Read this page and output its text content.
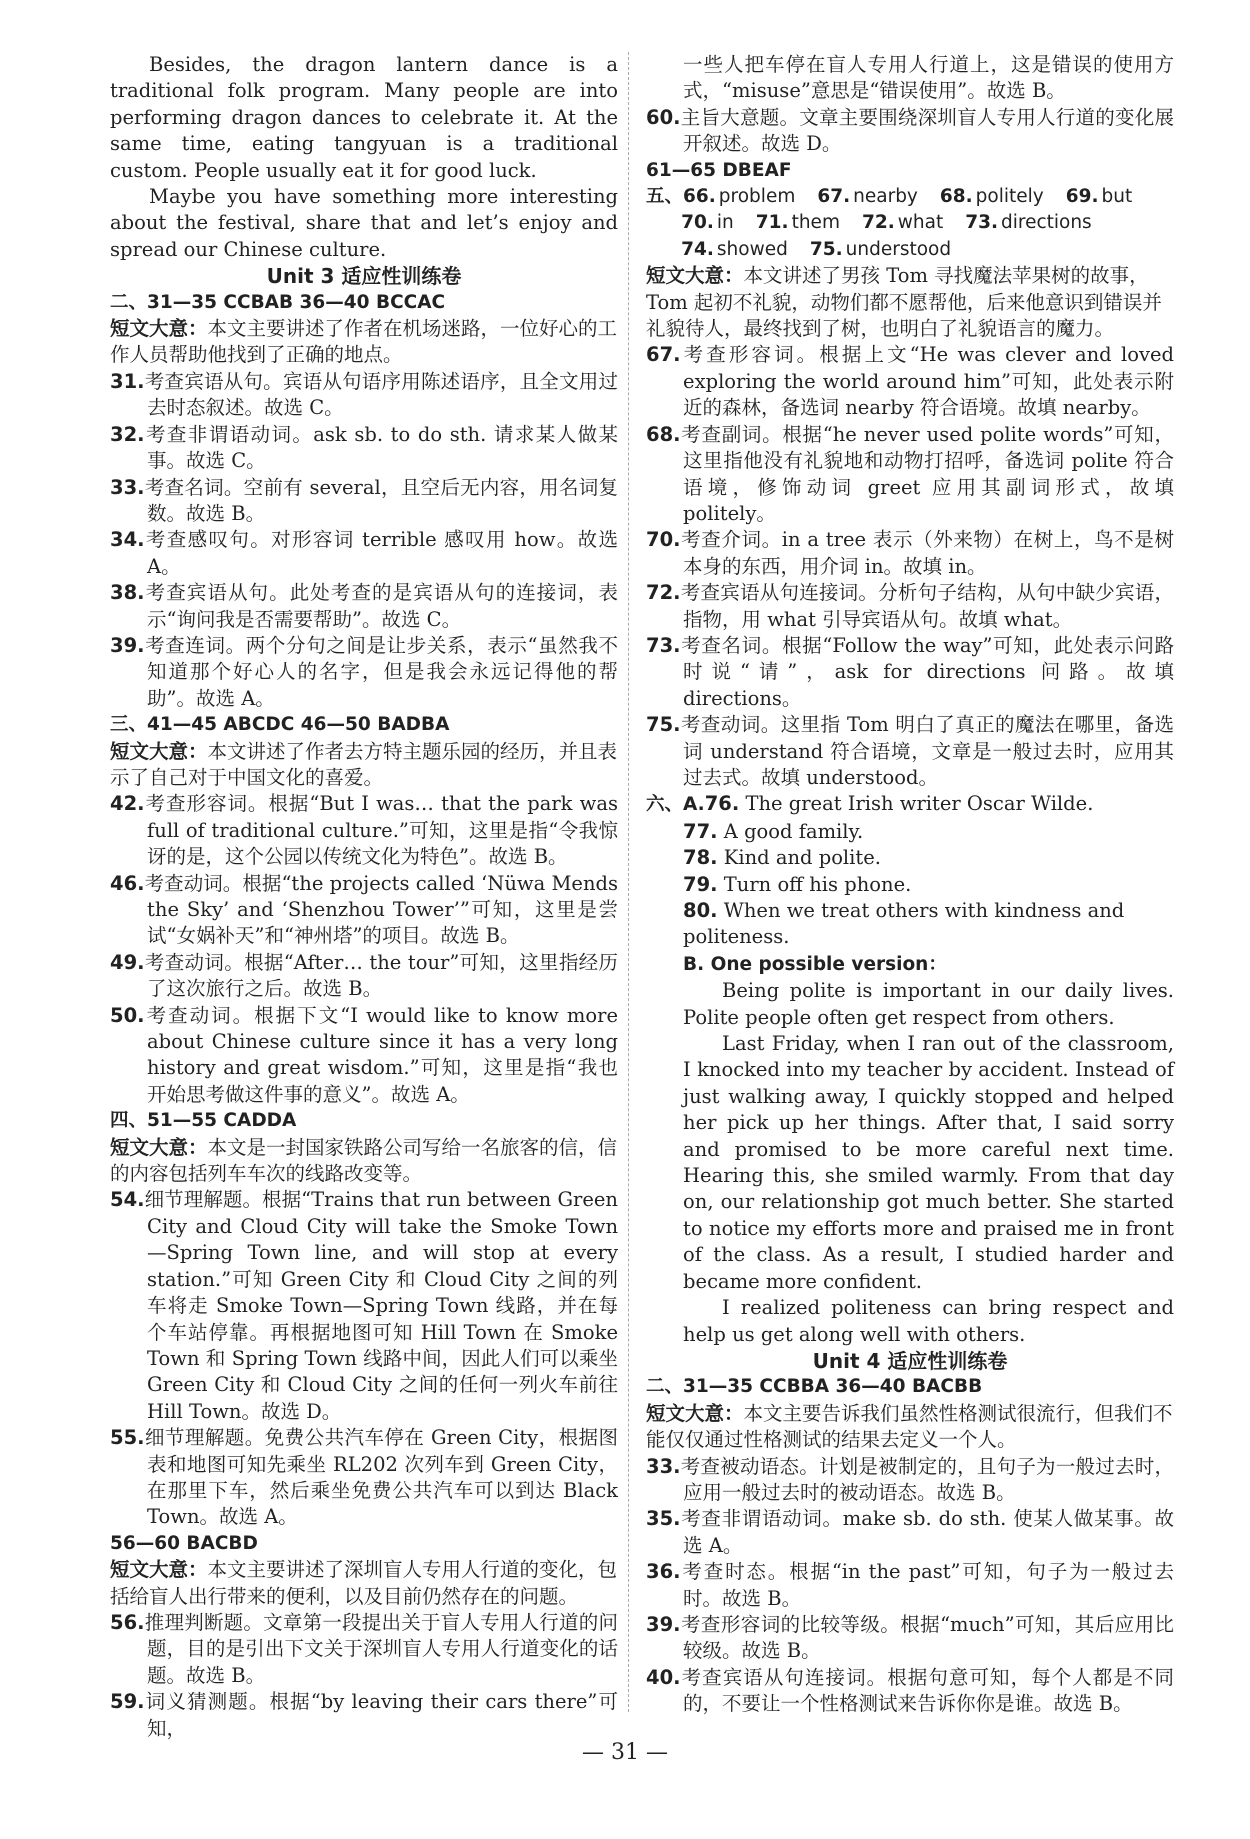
Besides, the dragon lantern dance is a traditional folk program. Many people are into performing dragon dances to celebrate it. At the same time, eating tangyuan is a traditional custom. People usually eat it for good luck.

Maybe you have something more interesting about the festival, share that and let’s enjoy and spread our Chinese culture.

Unit 3 适应性训练卷

二、31—35 CCBAB 36—40 BCCAC

短文大意：本文主要讲述了作者在机场迷路，一位好心的工作人员帮助他找到了正确的地点。

31.考查宾语从句。宾语从句语序用陈述语序，且全文用过去时态叙述。故选 C。

32.考查非谓语动词。ask sb. to do sth. 请求某人做某事。故选 C。

33.考查名词。空前有 several，且空后无内容，用名词复数。故选 B。

34.考查感叹句。对形容词 terrible 感叹用 how。故选 A。

38.考查宾语从句。此处考查的是宾语从句的连接词，表示“询问我是否需要帮助”。故选 C。

39.考查连词。两个分句之间是让步关系，表示“虽然我不知道那个好心人的名字，但是我会永远记得他的帮助”。故选 A。

三、41—45 ABCDC 46—50 BADBA

短文大意：本文讲述了作者去方特主题乐园的经历，并且表示了自己对于中国文化的喜爱。

42.考查形容词。根据“But I was… that the park was full of traditional culture.”可知，这里是指“令我惊讶的是，这个公园以传统文化为特色”。故选 B。

46.考查动词。根据“the projects called ‘Nüwa Mends the Sky’ and ‘Shenzhou Tower’”可知，这里是尝试“女娲补天”和“神州塔”的项目。故选 B。

49.考查动词。根据“After… the tour”可知，这里指经历了这次旅行之后。故选 B。

50.考查动词。根据下文“I would like to know more about Chinese culture since it has a very long history and great wisdom.”可知，这里是指“我也开始思考做这件事的意义”。故选 A。

四、51—55 CADDA

短文大意：本文是一封国家铁路公司写给一名旅客的信，信的内容包括列车车次的线路改变等。

54.细节理解题。根据“Trains that run between Green City and Cloud City will take the Smoke Town—Spring Town line, and will stop at every station.”可知 Green City 和 Cloud City 之间的列车将走 Smoke Town—Spring Town 线路，并在每个车站停靠。再根据地图可知 Hill Town 在 Smoke Town 和 Spring Town 线路中间，因此人们可以乘坐 Green City 和 Cloud City 之间的任何一列火车前往 Hill Town。故选 D。

55.细节理解题。免费公共汽车停在 Green City，根据图表和地图可知先乘坐 RL202 次列车到 Green City，在那里下车，然后乘坐免费公共汽车可以到达 Black Town。故选 A。

56—60 BACBD

短文大意：本文主要讲述了深圳盲人专用人行道的变化，包括给盲人出行带来的便利，以及目前仍然存在的问题。

56.推理判断题。文章第一段提出关于盲人专用人行道的问题，目的是引出下文关于深圳盲人专用人行道变化的话题。故选 B。

59.词义猜测题。根据“by leaving their cars there”可知，

一些人把车停在盲人专用人行道上，这是错误的使用方式，“misuse”意思是“错误使用”。故选 B。

60.主旨大意题。文章主要围绕深圳盲人专用人行道的变化展开叙述。故选 D。

61—65 DBEAF

五、66. problem 67. nearby 68. politely 69. but
70. in 71. them 72. what 73. directions
74. showed 75. understood

短文大意：本文讲述了男孩 Tom 寻找魔法苹果树的故事，Tom 起初不礼貌，动物们都不愿帮他，后来他意识到错误并礼貌待人，最终找到了树，也明白了礼貌语言的魔力。

67.考查形容词。根据上文“He was clever and loved exploring the world around him”可知，此处表示附近的森林，备选词 nearby 符合语境。故填 nearby。

68.考查副词。根据“he never used polite words”可知，这里指他没有礼貌地和动物打招呼，备选词 polite 符合语境，修饰动词 greet 应用其副词形式，故填 politely。

70.考查介词。in a tree 表示（外来物）在树上，鸟不是树本身的东西，用介词 in。故填 in。

72.考查宾语从句连接词。分析句子结构，从句中缺少宾语，指物，用 what 引导宾语从句。故填 what。

73.考查名词。根据“Follow the way”可知，此处表示问路时说“请”，ask for directions 问路。故填 directions。

75.考查动词。这里指 Tom 明白了真正的魔法在哪里，备选词 understand 符合语境，文章是一般过去时，应用其过去式。故填 understood。

六、A.76. The great Irish writer Oscar Wilde.

77. A good family.

78. Kind and polite.

79. Turn off his phone.

80. When we treat others with kindness and politeness.

B. One possible version：

Being polite is important in our daily lives. Polite people often get respect from others.

Last Friday, when I ran out of the classroom, I knocked into my teacher by accident. Instead of just walking away, I quickly stopped and helped her pick up her things. After that, I said sorry and promised to be more careful next time. Hearing this, she smiled warmly. From that day on, our relationship got much better. She started to notice my efforts more and praised me in front of the class. As a result, I studied harder and became more confident.

I realized politeness can bring respect and help us get along well with others.

Unit 4 适应性训练卷

二、31—35 CCBBA 36—40 BACBB

短文大意：本文主要告诉我们虽然性格测试很流行，但我们不能仅仅通过性格测试的结果去定义一个人。

33.考查被动语态。计划是被制定的，且句子为一般过去时，应用一般过去时的被动语态。故选 B。

35.考查非谓语动词。make sb. do sth. 使某人做某事。故选 A。

36.考查时态。根据“in the past”可知，句子为一般过去时。故选 B。

39.考查形容词的比较等级。根据“much”可知，其后应用比较级。故选 B。

40.考查宾语从句连接词。根据句意可知，每个人都是不同的，不要让一个性格测试来告诉你你是谁。故选 B。

— 31 —
